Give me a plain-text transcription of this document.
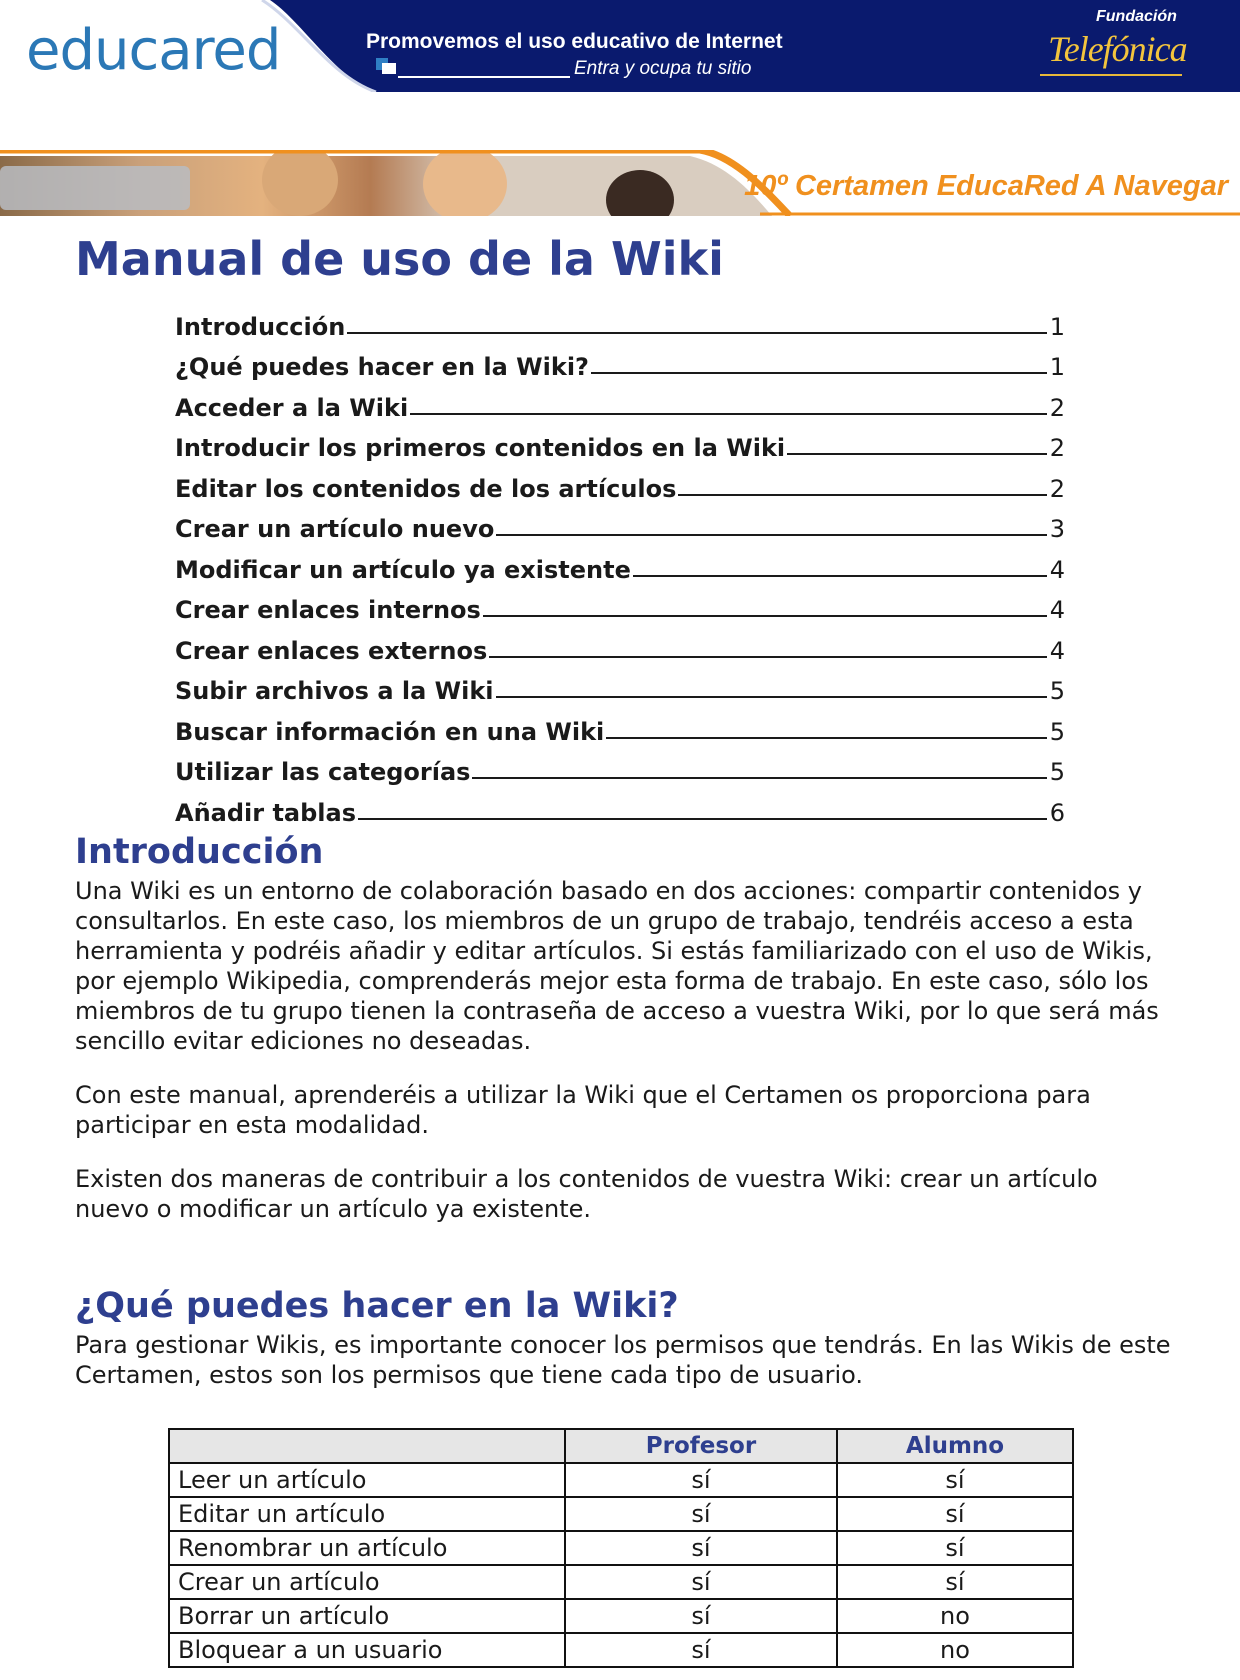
educared	Promovemos el uso educativo de Internet
Entra y ocupa tu sitio
Fundación
Telefónica
10º Certamen EducaRed A Navegar
Manual de uso de la Wiki
Introducción	1
¿Qué puedes hacer en la Wiki?	1
Acceder a la Wiki	2
Introducir los primeros contenidos en la Wiki	2
Editar los contenidos de los artículos	2
Crear un artículo nuevo	3
Modificar un artículo ya existente	4
Crear enlaces internos	4
Crear enlaces externos	4
Subir archivos a la Wiki	5
Buscar información en una Wiki	5
Utilizar las categorías	5
Añadir tablas	6
Introducción

Una Wiki es un entorno de colaboración basado en dos acciones: compartir contenidos y consultarlos. En este caso, los miembros de un grupo de trabajo, tendréis acceso a esta herramienta y podréis añadir y editar artículos. Si estás familiarizado con el uso de Wikis, por ejemplo Wikipedia, comprenderás mejor esta forma de trabajo. En este caso, sólo los miembros de tu grupo tienen la contraseña de acceso a vuestra Wiki, por lo que será más sencillo evitar ediciones no deseadas.

Con este manual, aprenderéis a utilizar la Wiki que el Certamen os proporciona para participar en esta modalidad.

Existen dos maneras de contribuir a los contenidos de vuestra Wiki: crear un artículo nuevo o modificar un artículo ya existente.

¿Qué puedes hacer en la Wiki?

Para gestionar Wikis, es importante conocer los permisos que tendrás. En las Wikis de este Certamen, estos son los permisos que tiene cada tipo de usuario.

	Profesor	Alumno
Leer un artículo	sí	sí
Editar un artículo	sí	sí
Renombrar un artículo	sí	sí
Crear un artículo	sí	sí
Borrar un artículo	sí	no
Bloquear a un usuario	sí	no
